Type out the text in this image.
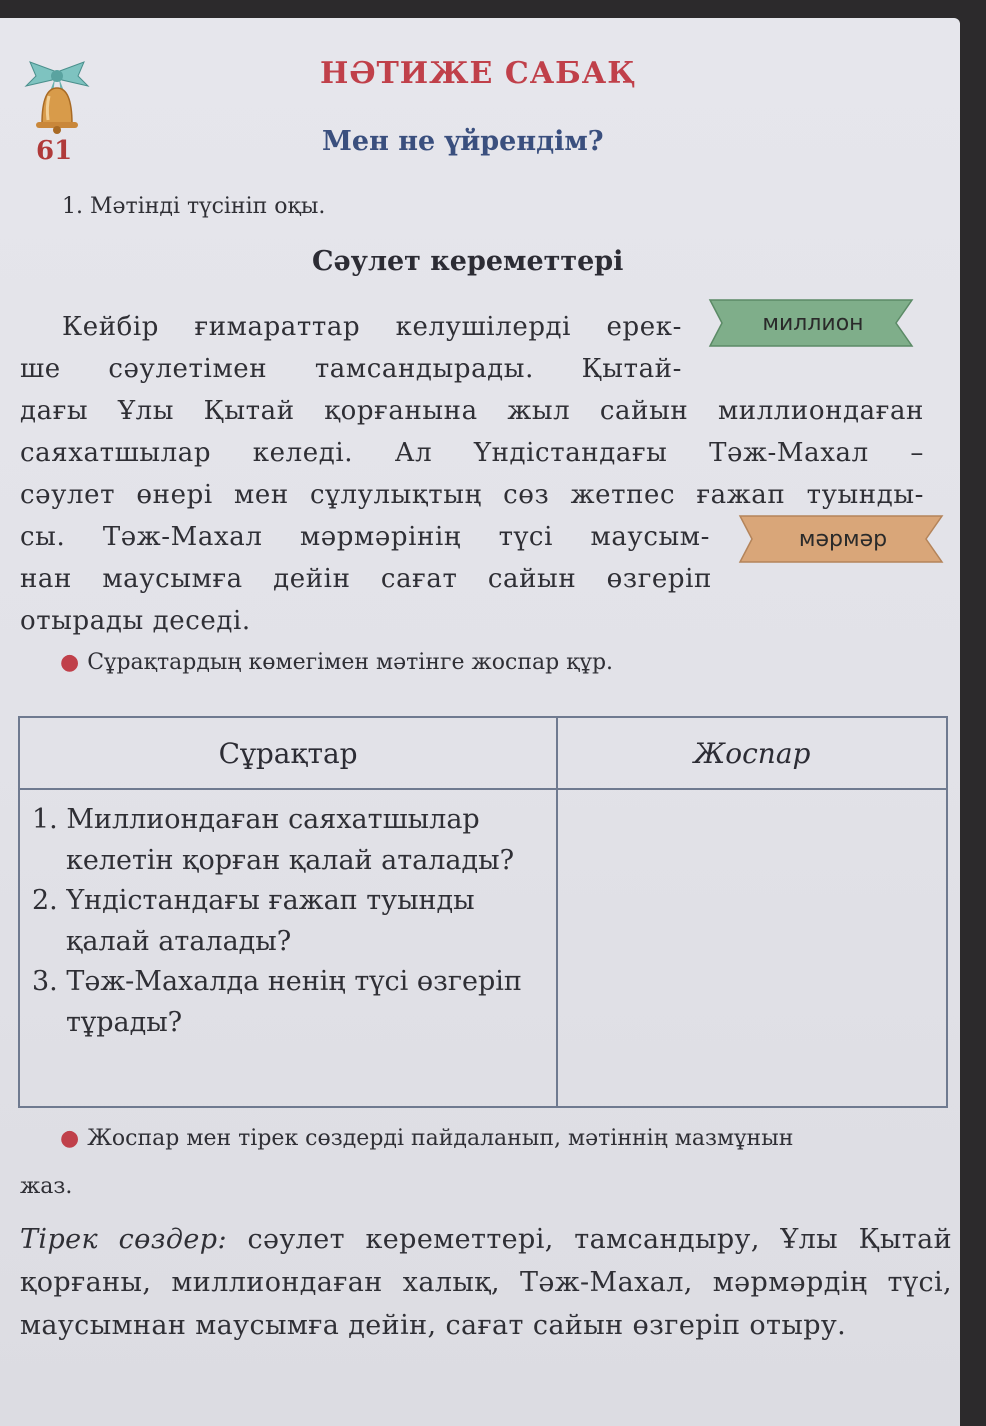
61
НӘТИЖЕ САБАҚ
Мен не үйрендім?
1. Мәтінді түсініп оқы.
Сәулет кереметтері
Кейбір ғимараттар келушілерді ерек-
ше сәулетімен тамсандырады. Қытай-
дағы Ұлы Қытай қорғанына жыл сайын миллиондаған
саяхатшылар келеді. Ал Үндістандағы Тәж-Махал –
сәулет өнері мен сұлулықтың сөз жетпес ғажап туынды-
сы. Тәж-Махал мәрмәрінің түсі маусым-
нан маусымға дейін сағат сайын өзгеріп
отырады деседі.
миллион
мәрмәр
● Сұрақтардың көмегімен мәтінге жоспар құр.
Сұрақтар	Жоспар

1. Миллиондаған саяхатшылар келетін қорған қалай аталады?
2. Үндістандағы ғажап туынды қалай аталады?
3. Тәж-Махалда ненің түсі өзгеріп тұрады?	

● Жоспар мен тірек сөздерді пайдаланып, мәтіннің мазмұнын
жаз.
Тірек сөздер: сәулет кереметтері, тамсандыру, Ұлы Қытай қорғаны, миллиондаған халық, Тәж-Махал, мәрмәрдің түсі, маусымнан маусымға дейін, сағат сайын өзгеріп отыру.
